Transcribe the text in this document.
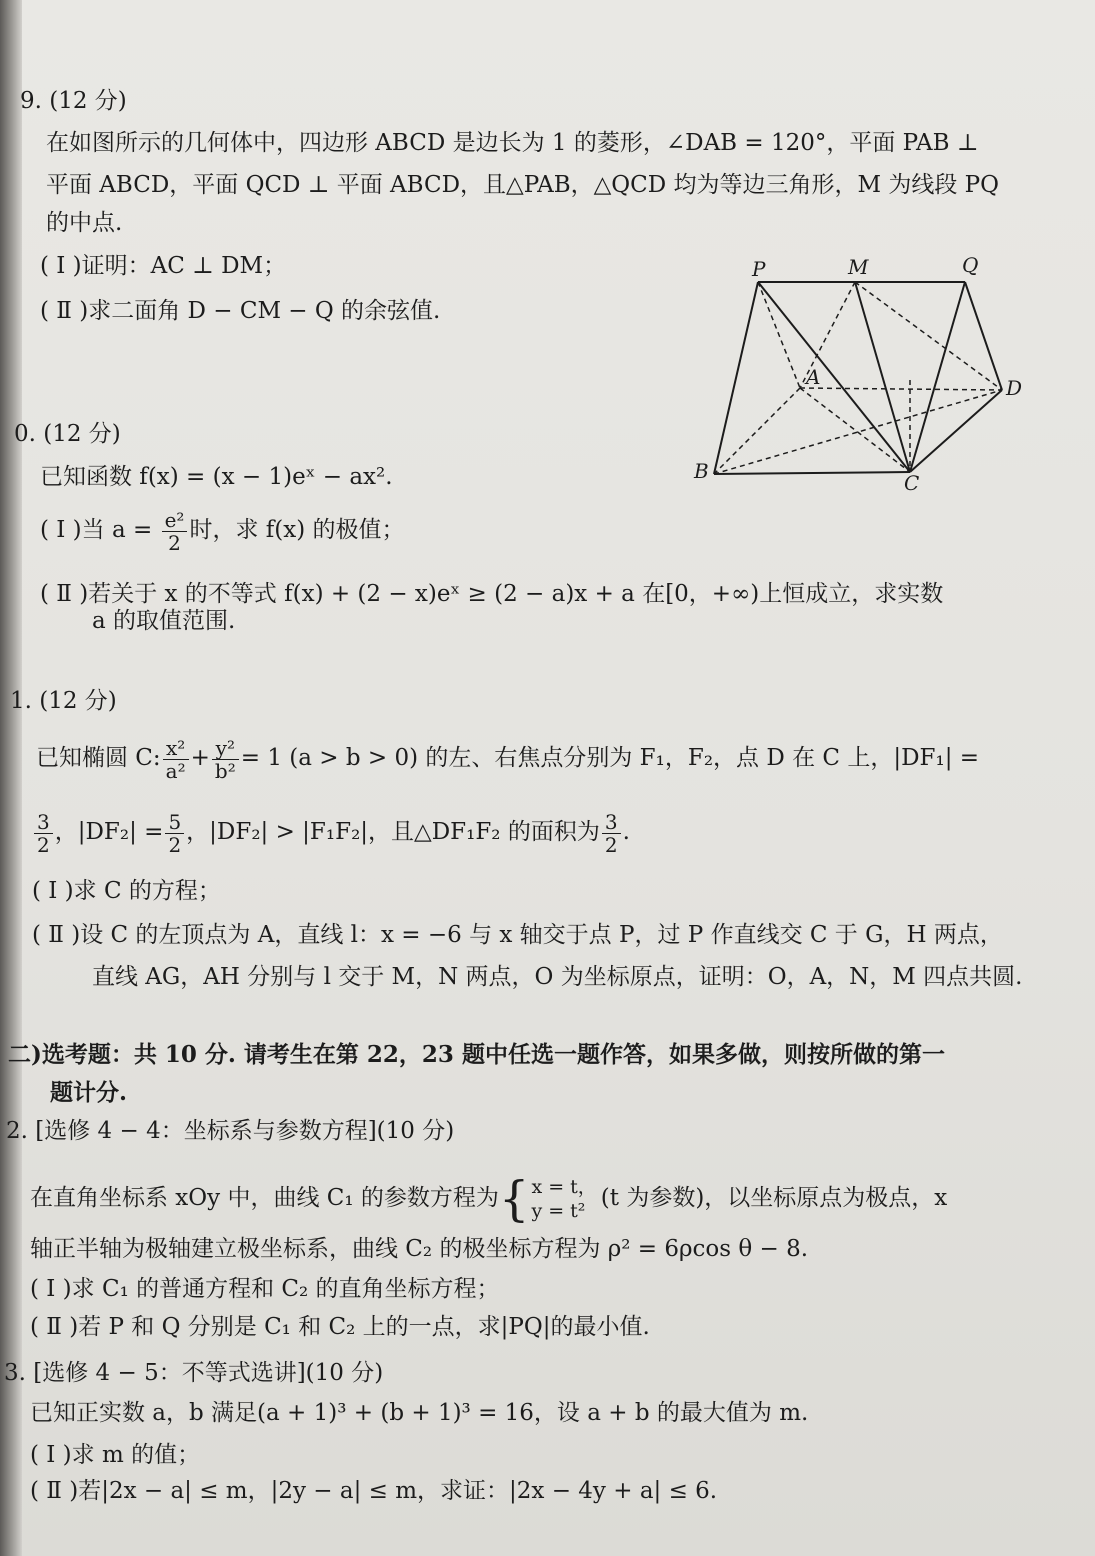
9. (12 分)
在如图所示的几何体中，四边形 ABCD 是边长为 1 的菱形，∠DAB = 120°，平面 PAB ⊥
平面 ABCD，平面 QCD ⊥ 平面 ABCD，且△PAB，△QCD 均为等边三角形，M 为线段 PQ
的中点.
( Ⅰ )证明：AC ⊥ DM；
( Ⅱ )求二面角 D − CM − Q 的余弦值.
P	M	Q
A	D
B	C
0. (12 分)
已知函数 f(x) = (x − 1)eˣ − ax².
( Ⅰ )当 $a = \frac{\text{e²}}{2}$ 时，求 f(x) 的极值；
( Ⅱ )若关于 x 的不等式 f(x) + (2 − x)eˣ ≥ (2 − a)x + a 在[0，+∞)上恒成立，求实数
a 的取值范围.
1. (12 分)
已知椭圆 C: $\frac{\text{x²}}{\text{a²}} + \frac{\text{y²}}{\text{b²}} = 1$ (a > b > 0) 的左、右焦点分别为 F₁，F₂，点 D 在 C 上，|DF₁| =
$\frac{3}{2}$ ，$|DF_2| = \frac{5}{2}$ ，|DF₂| > |F₁F₂|，且△DF₁F₂ 的面积为 $\frac{3}{2}$ .
( Ⅰ )求 C 的方程；
( Ⅱ )设 C 的左顶点为 A，直线 l：x = −6 与 x 轴交于点 P，过 P 作直线交 C 于 G，H 两点，
直线 AG，AH 分别与 l 交于 M，N 两点，O 为坐标原点，证明：O，A，N，M 四点共圆.
二)选考题：共 10 分. 请考生在第 22，23 题中任选一题作答，如果多做，则按所做的第一
题计分.
2. [选修 4 − 4：坐标系与参数方程](10 分)
在直角坐标系 xOy 中，曲线 C₁ 的参数方程为{ x = t，
y = t² (t 为参数)，以坐标原点为极点，x
轴正半轴为极轴建立极坐标系，曲线 C₂ 的极坐标方程为 ρ² = 6ρcos θ − 8.
( Ⅰ )求 C₁ 的普通方程和 C₂ 的直角坐标方程；
( Ⅱ )若 P 和 Q 分别是 C₁ 和 C₂ 上的一点，求|PQ|的最小值.
3. [选修 4 − 5：不等式选讲](10 分)
已知正实数 a，b 满足(a + 1)³ + (b + 1)³ = 16，设 a + b 的最大值为 m.
( Ⅰ )求 m 的值；
( Ⅱ )若|2x − a| ≤ m，|2y − a| ≤ m，求证：|2x − 4y + a| ≤ 6.
